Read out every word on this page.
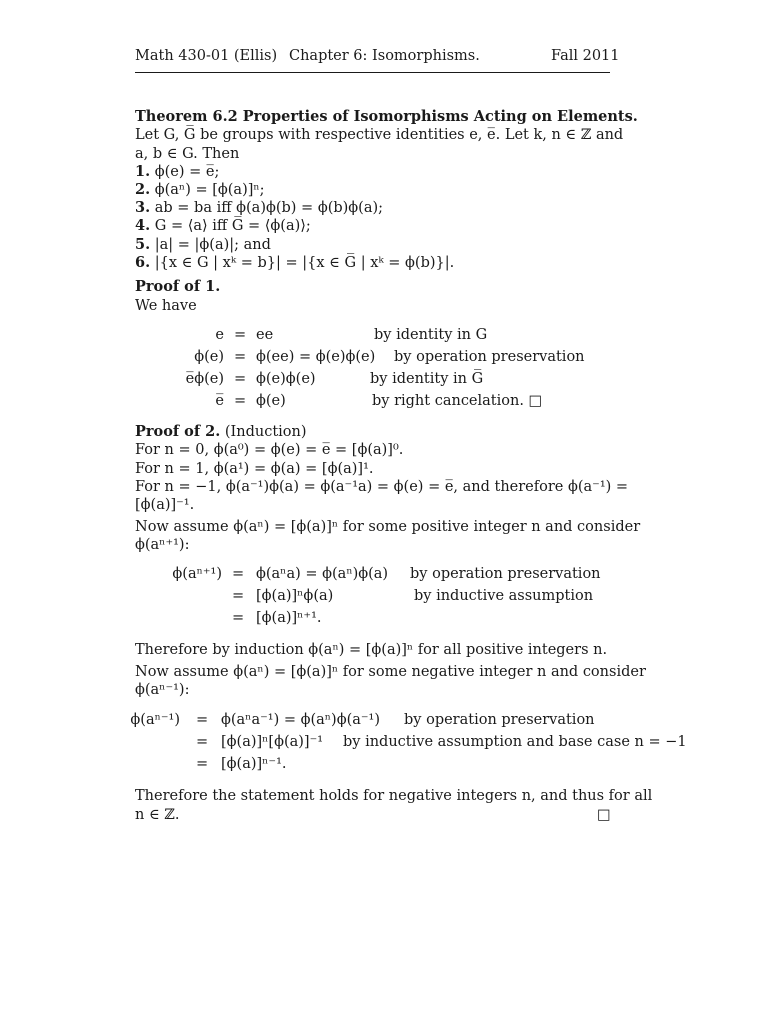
Math 430-01 (Ellis) Chapter 6: Isomorphisms.	Fall 2011
Theorem 6.2 Properties of Isomorphisms Acting on Elements.
Let G, G̅ be groups with respective identities e, e̅. Let k, n ∈ ℤ and
a, b ∈ G. Then
1. ϕ(e) = e̅;
2. ϕ(aⁿ) = [ϕ(a)]ⁿ;
3. ab = ba iff ϕ(a)ϕ(b) = ϕ(b)ϕ(a);
4. G = ⟨a⟩ iff G̅ = ⟨ϕ(a)⟩;
5. |a| = |ϕ(a)|; and
6. |{x ∈ G | xᵏ = b}| = |{x ∈ G̅ | xᵏ = ϕ(b)}|.
Proof of 1.
We have
e = ee	by identity in G
ϕ(e) = ϕ(ee) = ϕ(e)ϕ(e) by operation preservation
e̅ϕ(e) = ϕ(e)ϕ(e)	by identity in G̅
e̅ = ϕ(e)	by right cancelation. □
Proof of 2. (Induction)
For n = 0, ϕ(a⁰) = ϕ(e) = e̅ = [ϕ(a)]⁰.
For n = 1, ϕ(a¹) = ϕ(a) = [ϕ(a)]¹.
For n = −1, ϕ(a⁻¹)ϕ(a) = ϕ(a⁻¹a) = ϕ(e) = e̅, and therefore ϕ(a⁻¹) =
[ϕ(a)]⁻¹.
Now assume ϕ(aⁿ) = [ϕ(a)]ⁿ for some positive integer n and consider
ϕ(aⁿ⁺¹):
ϕ(aⁿ⁺¹) = ϕ(aⁿa) = ϕ(aⁿ)ϕ(a) by operation preservation
= [ϕ(a)]ⁿϕ(a)	by inductive assumption
= [ϕ(a)]ⁿ⁺¹.
Therefore by induction ϕ(aⁿ) = [ϕ(a)]ⁿ for all positive integers n.
Now assume ϕ(aⁿ) = [ϕ(a)]ⁿ for some negative integer n and consider
ϕ(aⁿ⁻¹):
ϕ(aⁿ⁻¹) = ϕ(aⁿa⁻¹) = ϕ(aⁿ)ϕ(a⁻¹) by operation preservation
= [ϕ(a)]ⁿ[ϕ(a)]⁻¹ by inductive assumption and base case n = −1
= [ϕ(a)]ⁿ⁻¹.
Therefore the statement holds for negative integers n, and thus for all
n ∈ ℤ.	□
